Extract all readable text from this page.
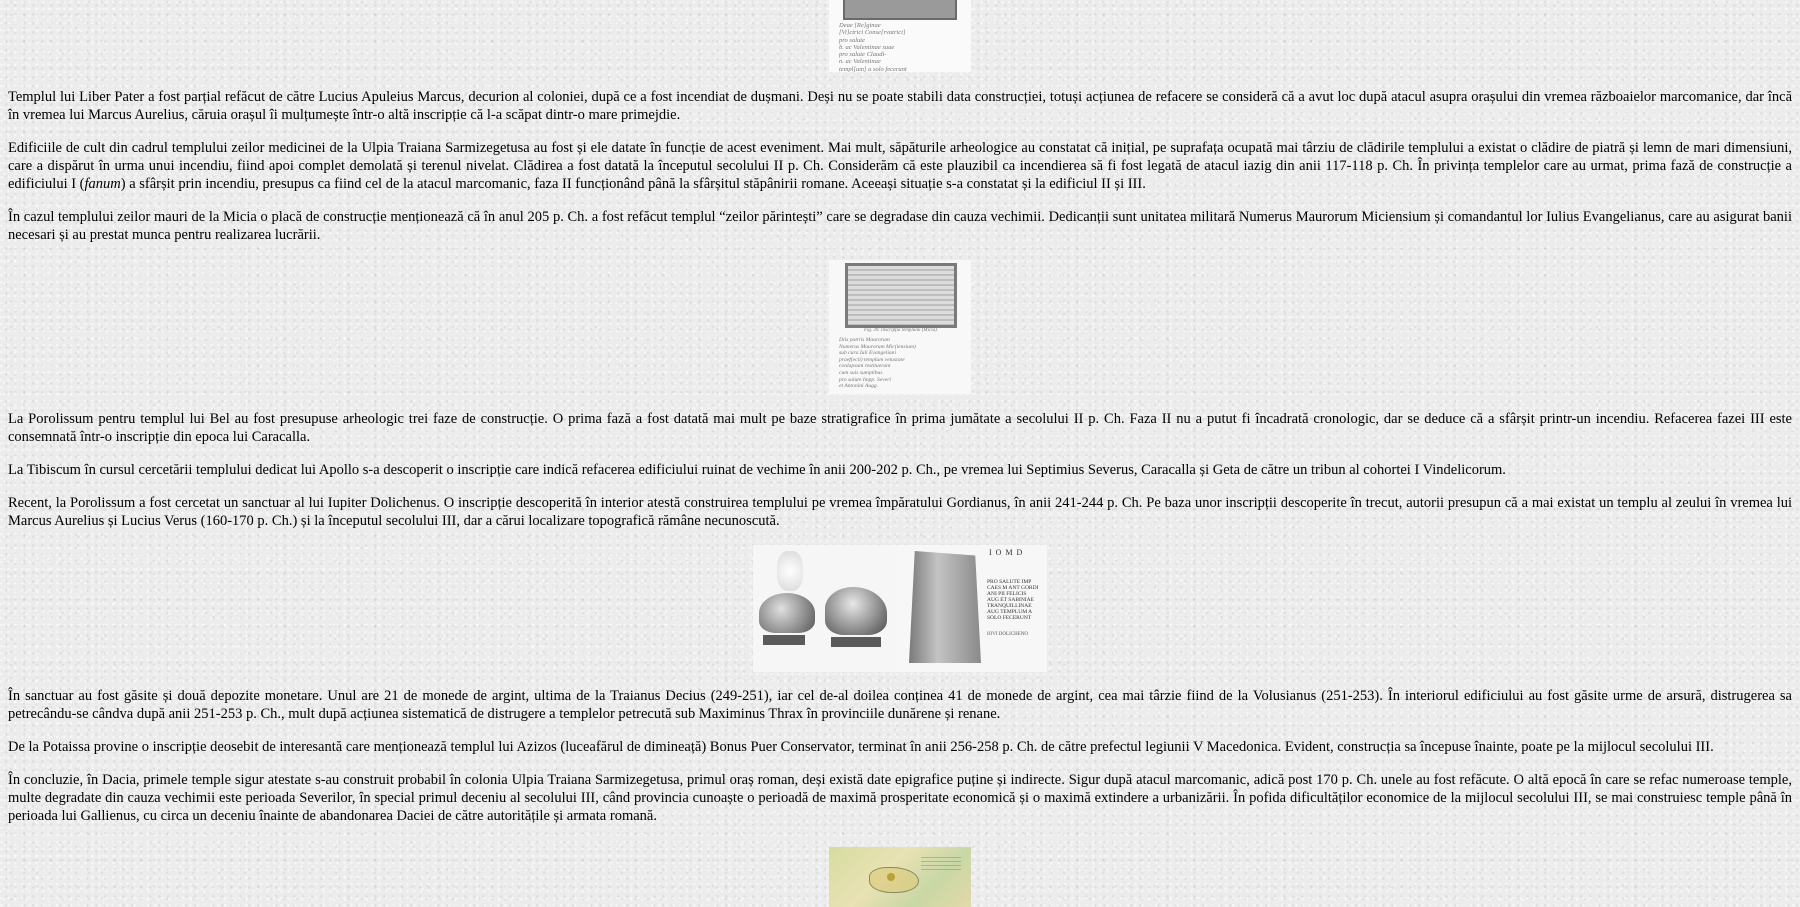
Deae [Re]ginae
[Vi]ctrici Conse[rvatrici]
pro salute
b. ac Valentinae suae
pro salute Claudi-
n. ac Valentinae
templ[um] a solo fecerunt

Templul lui Liber Pater a fost parțial refăcut de către Lucius Apuleius Marcus, decurion al coloniei, după ce a fost incendiat de dușmani. Deși nu se poate stabili data construcției, totuși acțiunea de refacere se consideră că a avut loc după atacul asupra orașului din vremea războaielor marcomanice, dar încă în vremea lui Marcus Aurelius, căruia orașul îi mulțumește într-o altă inscripție că l-a scăpat dintr-o mare primejdie.

Edificiile de cult din cadrul templului zeilor medicinei de la Ulpia Traiana Sarmizegetusa au fost și ele datate în funcție de acest eveniment. Mai mult, săpăturile arheologice au constatat că inițial, pe suprafața ocupată mai târziu de clădirile templului a existat o clădire de piatră și lemn de mari dimensiuni, care a dispărut în urma unui incendiu, fiind apoi complet demolată și terenul nivelat. Clădirea a fost datată la începutul secolului II p. Ch. Considerăm că este plauzibil ca incendierea să fi fost legată de atacul iazig din anii 117-118 p. Ch. În privința templelor care au urmat, prima fază de construcție a edificiului I (fanum) a sfârșit prin incendiu, presupus ca fiind cel de la atacul marcomanic, faza II funcționând până la sfârșitul stăpânirii romane. Aceeași situație s-a constatat și la edificiul II și III.

În cazul templului zeilor mauri de la Micia o placă de construcție menționează că în anul 205 p. Ch. a fost refăcut templul “zeilor părintești” care se degradase din cauza vechimii. Dedicanții sunt unitatea militară Numerus Maurorum Miciensium și comandantul lor Iulius Evangelianus, care au asigurat banii necesari și au prestat munca pentru realizarea lucrării.

Fig. 39. Inscripţia templului (Micia).
Diis patriis Maurorum
Numerus Maurorum Mic(iensium)
sub cura Iuli Evangeliani
praef(ecti) templum vetustate
conlapsum restituerunt
cum suis sumptibus
pro salute Impp. Severi
et Antonini Augg.

La Porolissum pentru templul lui Bel au fost presupuse arheologic trei faze de construcție. O prima fază a fost datată mai mult pe baze stratigrafice în prima jumătate a secolului II p. Ch. Faza II nu a putut fi încadrată cronologic, dar se deduce că a sfârșit printr-un incendiu. Refacerea fazei III este consemnată într-o inscripție din epoca lui Caracalla.

La Tibiscum în cursul cercetării templului dedicat lui Apollo s-a descoperit o inscripție care indică refacerea edificiului ruinat de vechime în anii 200-202 p. Ch., pe vremea lui Septimius Severus, Caracalla și Geta de către un tribun al cohortei I Vindelicorum.

Recent, la Porolissum a fost cercetat un sanctuar al lui Iupiter Dolichenus. O inscripție descoperită în interior atestă construirea templului pe vremea împăratului Gordianus, în anii 241-244 p. Ch. Pe baza unor inscripții descoperite în trecut, autorii presupun că a mai existat un templu al zeului în vremea lui Marcus Aurelius și Lucius Verus (160-170 p. Ch.) și la începutul secolului III, dar a cărui localizare topografică rămâne necunoscută.

PRO SALUTE IMP
CAES M ANT GORDI
ANI PII FELICIS
AUG ET SABINIAE
TRANQUILLINAE
AUG TEMPLUM A
SOLO FECERUNT
I  O  M  D
IOVI DOLICHENO

În sanctuar au fost găsite și două depozite monetare. Unul are 21 de monede de argint, ultima de la Traianus Decius (249-251), iar cel de-al doilea conținea 41 de monede de argint, cea mai târzie fiind de la Volusianus (251-253). În interiorul edificiului au fost găsite urme de arsură, distrugerea sa petrecându-se cândva după anii 251-253 p. Ch., mult după acțiunea sistematică de distrugere a templelor petrecută sub Maximinus Thrax în provinciile dunărene și renane.

De la Potaissa provine o inscripție deosebit de interesantă care menționează templul lui Azizos (luceafărul de dimineață) Bonus Puer Conservator, terminat în anii 256-258 p. Ch. de către prefectul legiunii V Macedonica. Evident, construcția sa începuse înainte, poate pe la mijlocul secolului III.

În concluzie, în Dacia, primele temple sigur atestate s-au construit probabil în colonia Ulpia Traiana Sarmizegetusa, primul oraș roman, deși există date epigrafice puține și indirecte. Sigur după atacul marcomanic, adică post 170 p. Ch. unele au fost refăcute. O altă epocă în care se refac numeroase temple, multe degradate din cauza vechimii este perioada Severilor, în special primul deceniu al secolului III, când provincia cunoaște o perioadă de maximă prosperitate economică și o maximă extindere a urbanizării. În pofida dificultăților economice de la mijlocul secolului III, se mai construiesc temple până în perioada lui Gallienus, cu circa un deceniu înainte de abandonarea Daciei de către autoritățile și armata romană.
